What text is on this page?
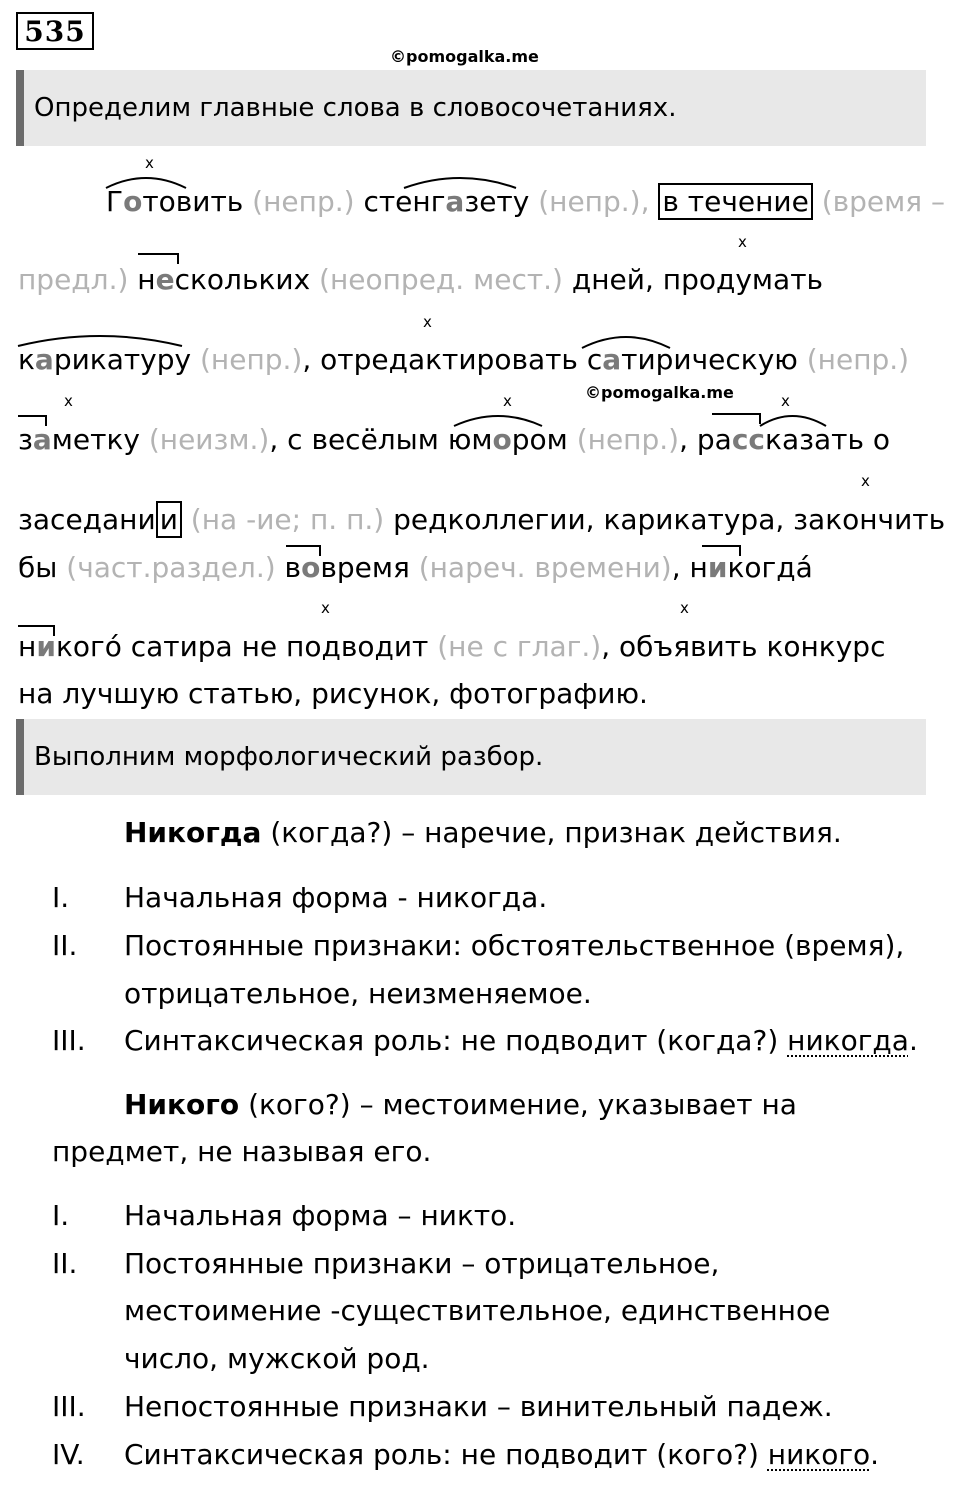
535
©pomogalka.me
Определим главные слова в словосочетаниях.
х
х
х
х	х	х
х
х	х
©pomogalka.me
Готовить (непр.) стенгазету (непр.), в течение (время –
предл.) нескольких (неопред. мест.) дней, продумать
карикатуру (непр.), отредактировать сатирическую (непр.)
заметку (неизм.), с весёлым юмором (непр.), рассказать о
заседани и (на -ие; п. п.) редколлегии, карикатура, закончить
бы (част.раздел.) вовремя (нареч. времени), никогда́
никого́ сатира не подводит (не с глаг.), объявить конкурс
на лучшую статью, рисунок, фотографию.
Выполним морфологический разбор.
Никогда (когда?) – наречие, признак действия.
I. Начальная форма - никогда.
II. Постоянные признаки: обстоятельственное (время),
отрицательное, неизменяемое.
III. Синтаксическая роль: не подводит (когда?) никогда.
Никого (кого?) – местоимение, указывает на
предмет, не называя его.
I. Начальная форма – никто.
II. Постоянные признаки – отрицательное,
местоимение -существительное, единственное
число, мужской род.
III. Непостоянные признаки – винительный падеж.
IV. Синтаксическая роль: не подводит (кого?) никого.
